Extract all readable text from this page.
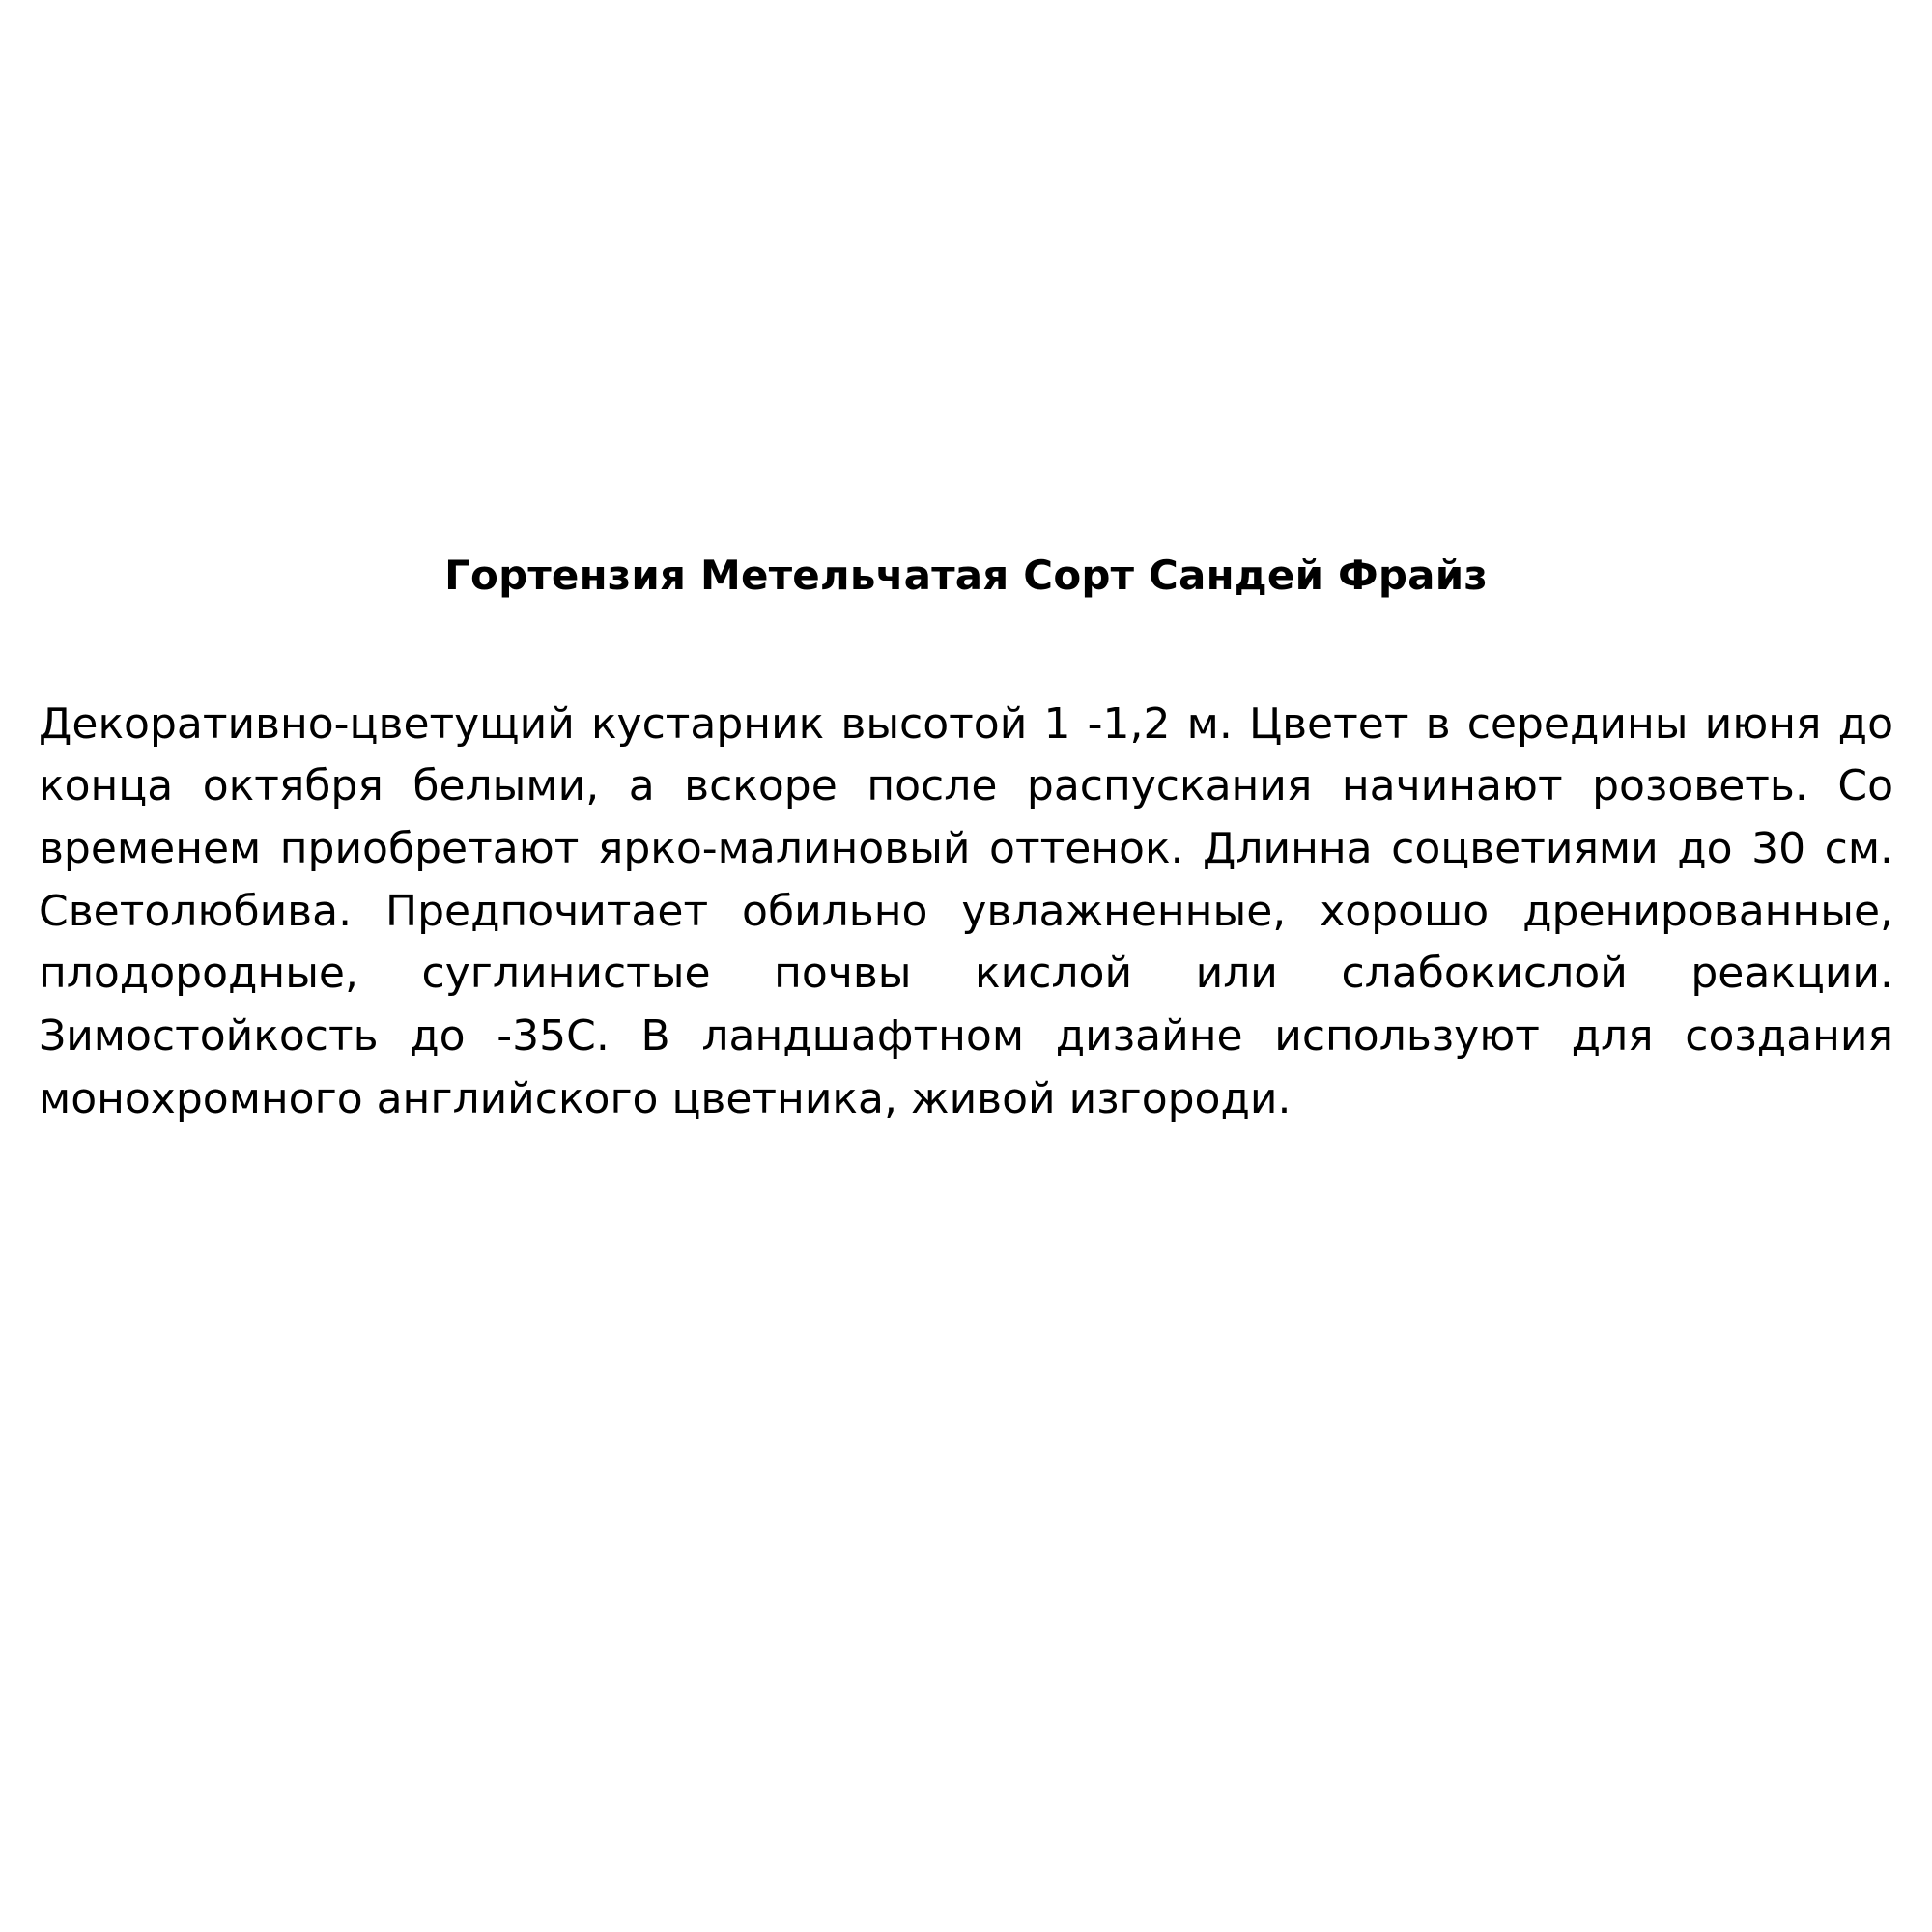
Гортензия Метельчатая Сорт Сандей Фрайз

Декоративно-цветущий кустарник высотой 1 -1,2 м. Цветет в середины июня до конца октября белыми, а вскоре после распускания начинают розоветь. Со временем приобретают ярко-малиновый оттенок. Длинна соцветиями до 30 см. Светолюбива. Предпочитает обильно увлажненные, хорошо дренированные, плодородные, суглинистые почвы кислой или слабокислой реакции. Зимостойкость до -35С. В ландшафтном дизайне используют для создания монохромного английского цветника, живой изгороди.
